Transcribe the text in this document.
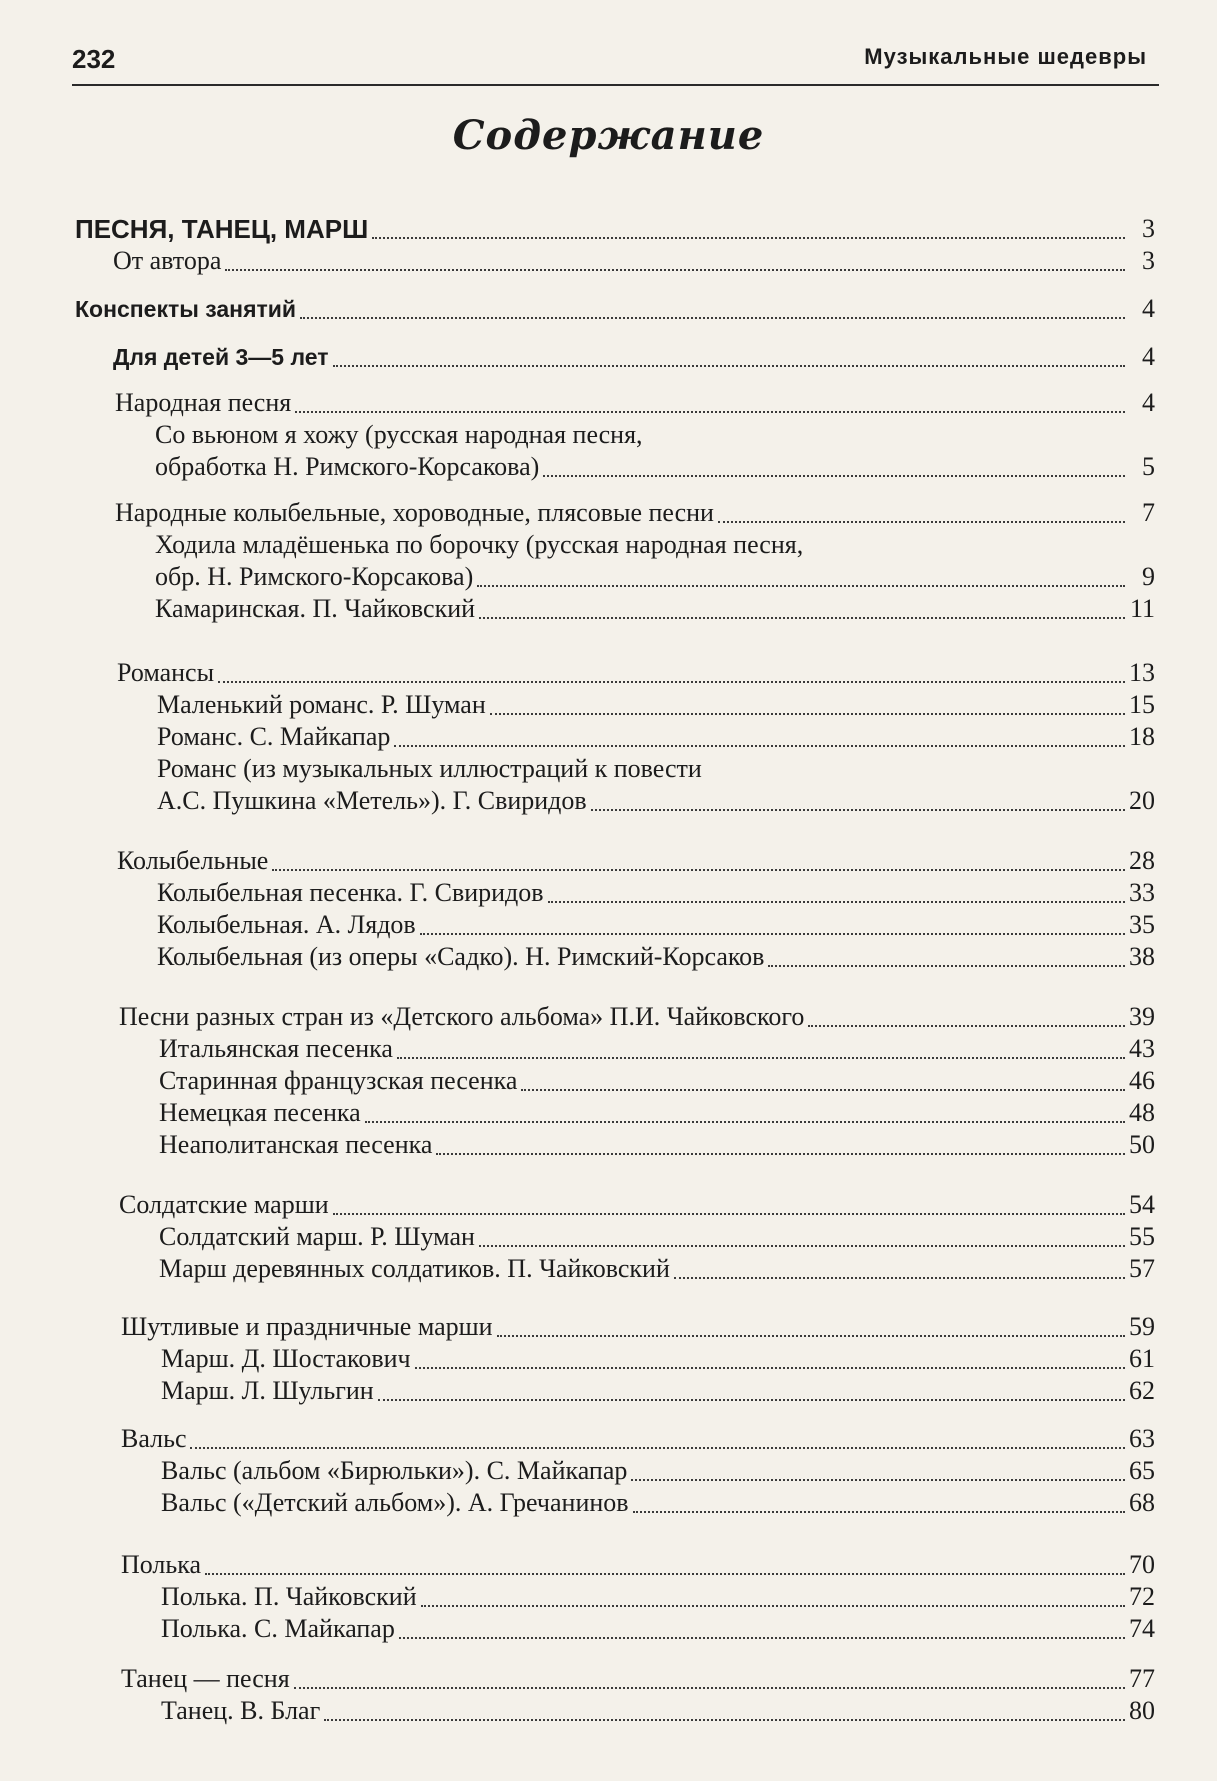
232	Музыкальные шедевры
Содержание
ПЕСНЯ, ТАНЕЦ, МАРШ	3
От автора	3
Конспекты занятий	4
Для детей 3—5 лет	4
Народная песня	4
Со вьюном я хожу (русская народная песня,
обработка Н. Римского-Корсакова)	5
Народные колыбельные, хороводные, плясовые песни	7
Ходила младёшенька по борочку (русская народная песня,
обр. Н. Римского-Корсакова)	9
Камаринская. П. Чайковский	11
Романсы	13
Маленький романс. Р. Шуман	15
Романс. С. Майкапар	18
Романс (из музыкальных иллюстраций к повести
А.С. Пушкина «Метель»). Г. Свиридов	20
Колыбельные	28
Колыбельная песенка. Г. Свиридов	33
Колыбельная. А. Лядов	35
Колыбельная (из оперы «Садко). Н. Римский-Корсаков	38
Песни разных стран из «Детского альбома» П.И. Чайковского	39
Итальянская песенка	43
Старинная французская песенка	46
Немецкая песенка	48
Неаполитанская песенка	50
Солдатские марши	54
Солдатский марш. Р. Шуман	55
Марш деревянных солдатиков. П. Чайковский	57
Шутливые и праздничные марши	59
Марш. Д. Шостакович	61
Марш. Л. Шульгин	62
Вальс	63
Вальс (альбом «Бирюльки»). С. Майкапар	65
Вальс («Детский альбом»). А. Гречанинов	68
Полька	70
Полька. П. Чайковский	72
Полька. С. Майкапар	74
Танец — песня	77
Танец. В. Благ	80
